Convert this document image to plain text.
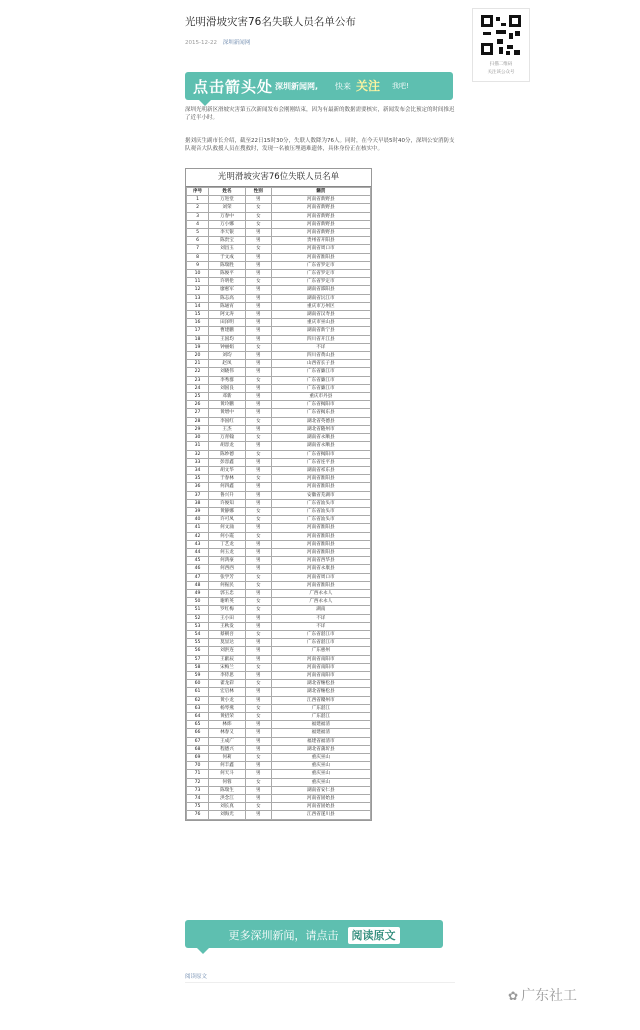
光明滑坡灾害76名失联人员名单公布
2015-12-22 深圳新闻网
扫描二维码
关注该公众号
点击箭头处 深圳新闻网, 快来 关注 我吧!

深圳光明新区滑坡灾害第五次新闻发布会刚刚结束，因为有最新的数据需要核实，新闻发布会比预定的时间推迟了近半小时。

据刘庆生副市长介绍，截至22日15时30分，失联人数降为76人。同时，在今天早晨5时40分，深圳公安消防支队观音大队救援人员在搜救时，发现一名被压埋遇难遗体，具体身份正在核实中。

光明滑坡灾害76位失联人员名单
序号	姓名	性别	籍贯
1	万进堂	男	河南省新野县
2	刘荣	女	河南省新野县
3	万春中	女	河南省新野县
4	万小娜	女	河南省新野县
5	李天银	男	河南省新野县
6	陈贵宝	男	贵州省开阳县
7	刘昌玉	女	河南省周口市
8	于文成	男	河南省淮阳县
9	陈瑞胜	男	广东省罗定市
10	陈俊平	男	广东省罗定市
11	许明伦	女	广东省罗定市
12	廖惠军	男	湖南省邵阳县
13	陈志高	男	湖南省沅江市
14	陈通宵	男	重庆市万州区
15	阿文涛	男	湖南省汉寿县
16	田泽明	男	重庆市巫山县
17	曹建鹏	男	湖南省新宁县
18	王国均	男	四川省开江县
19	钟丽娟	女	不详
20	刘均	男	四川省黄山县
21	赵凤	男	山西省长子县
22	刘晓伟	男	广东省廉江市
23	李秀群	女	广东省廉江市
24	刘国良	男	广东省廉江市
25	邓新	男	重庆市丹县
26	黄玲鹏	男	广东省揭阳市
27	黄增中	男	广东省揭东县
28	李国红	女	湖北省英德县
29	王杰	男	湖北省随州市
30	万青翰	女	湖南省永顺县
31	胡容龙	男	湖南省永顺县
32	陈妙德	女	广东省揭阳市
33	彭容鑫	男	广东省连平县
34	胡文华	男	湖南省祁东县
35	于春林	女	河南省淮阳县
36	何四鑫	男	河南省淮阳县
37	鲁兴升	男	安徽省芜湖市
38	许俊知	男	广东省汕头市
39	黄静娜	女	广东省汕头市
40	许可凤	女	广东省汕头市
41	何文涌	男	河南省淮阳县
42	何小霞	女	河南省淮阳县
43	丁艺龙	男	河南省淮阳县
44	何玉龙	男	河南省淮阳县
45	何鸿豪	男	河南省西华县
46	何西西	男	河南省永康县
47	张学芳	女	河南省周口市
48	何振民	女	河南省淮阳县
49	郭玉忠	男	广西永永人
50	谢昕英	女	广西永永人
51	罗红梅	女	湖南
52	王小田	男	不详
53	王秋发	男	不详
54	蔡朝吾	女	广东省湛江市
55	莫显达	男	广东省湛江市
56	刘洪连	男	广东惠州
57	王献辰	男	河南省南阳市
58	宋梅兰	女	河南省南阳市
59	李侍思	男	河南省南阳市
60	翟龙彩	女	湖北省缠松县
61	宏启林	男	湖北省缠松县
62	黄小龙	男	江西省赣州市
63	杨琴燕	女	广东湛江
64	黄招荣	女	广东湛江
65	林炜	男	福建福清
66	林春又	男	福建福清
67	王成广	男	福建省福清市
68	程德兴	男	湖北省蒲圻县
69	何莉	女	重庆巫山
70	何丰鑫	男	重庆巫山
71	何天斗	男	重庆巫山
72	何蓉	女	重庆巫山
73	陈瑞生	男	湖南省安仁县
74	洪念江	男	河南省固始县
75	刘长真	女	河南省固始县
76	刘海光	男	江西省遂川县
更多深圳新闻，请点击 阅读原文
阅读原文
✿ 广东社工
